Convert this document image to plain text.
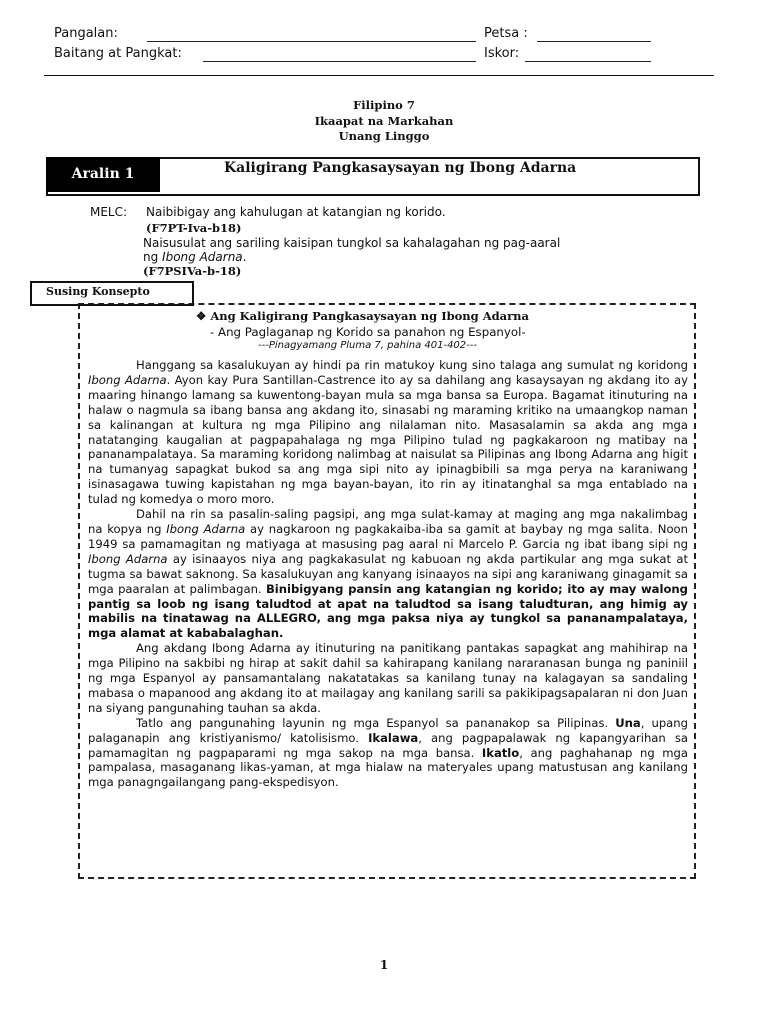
Pangalan:	Petsa :
Baitang at Pangkat:	Iskor:
Filipino 7
Ikaapat na Markahan
Unang Linggo
Aralin 1	Kaligirang Pangkasaysayan ng Ibong Adarna
MELC: Naibibigay ang kahulugan at katangian ng korido.
(F7PT-Iva-b18)
Naisusulat ang sariling kaisipan tungkol sa kahalagahan ng pag-aaral
ng Ibong Adarna.
(F7PSIVa-b-18)
Susing Konsepto
❖ Ang Kaligirang Pangkasaysayan ng Ibong Adarna
- Ang Paglaganap ng Korido sa panahon ng Espanyol-
---Pinagyamang Pluma 7, pahina 401-402---

Hanggang sa kasalukuyan ay hindi pa rin matukoy kung sino talaga ang sumulat ng koridong Ibong Adarna. Ayon kay Pura Santillan-Castrence ito ay sa dahilang ang kasaysayan ng akdang ito ay maaring hinango lamang sa kuwentong-bayan mula sa mga bansa sa Europa. Bagamat itinuturing na halaw o nagmula sa ibang bansa ang akdang ito, sinasabi ng maraming kritiko na umaangkop naman sa kalinangan at kultura ng mga Pilipino ang nilalaman nito. Masasalamin sa akda ang mga natatanging kaugalian at pagpapahalaga ng mga Pilipino tulad ng pagkakaroon ng matibay na pananampalataya. Sa maraming koridong nalimbag at naisulat sa Pilipinas ang Ibong Adarna ang higit na tumanyag sapagkat bukod sa ang mga sipi nito ay ipinagbibili sa mga perya na karaniwang isinasagawa tuwing kapistahan ng mga bayan-bayan, ito rin ay itinatanghal sa mga entablado na tulad ng komedya o moro moro.

Dahil na rin sa pasalin-saling pagsipi, ang mga sulat-kamay at maging ang mga nakalimbag na kopya ng Ibong Adarna ay nagkaroon ng pagkakaiba-iba sa gamit at baybay ng mga salita. Noon 1949 sa pamamagitan ng matiyaga at masusing pag aaral ni Marcelo P. Garcia ng ibat ibang sipi ng Ibong Adarna ay isinaayos niya ang pagkakasulat ng kabuoan ng akda partikular ang mga sukat at tugma sa bawat saknong. Sa kasalukuyan ang kanyang isinaayos na sipi ang karaniwang ginagamit sa mga paaralan at palimbagan. Binibigyang pansin ang katangian ng korido; ito ay may walong pantig sa loob ng isang taludtod at apat na taludtod sa isang taludturan, ang himig ay mabilis na tinatawag na ALLEGRO, ang mga paksa niya ay tungkol sa pananampalataya, mga alamat at kababalaghan.

Ang akdang Ibong Adarna ay itinuturing na panitikang pantakas sapagkat ang mahihirap na mga Pilipino na sakbibi ng hirap at sakit dahil sa kahirapang kanilang nararanasan bunga ng paniniil ng mga Espanyol ay pansamantalang nakatatakas sa kanilang tunay na kalagayan sa sandaling mabasa o mapanood ang akdang ito at mailagay ang kanilang sarili sa pakikipagsapalaran ni don Juan na siyang pangunahing tauhan sa akda.

Tatlo ang pangunahing layunin ng mga Espanyol sa pananakop sa Pilipinas. Una, upang palaganapin ang kristiyanismo/ katolisismo. Ikalawa, ang pagpapalawak ng kapangyarihan sa pamamagitan ng pagpaparami ng mga sakop na mga bansa. Ikatlo, ang paghahanap ng mga pampalasa, masaganang likas-yaman, at mga hialaw na materyales upang matustusan ang kanilang mga panagngailangang pang-ekspedisyon.

1
